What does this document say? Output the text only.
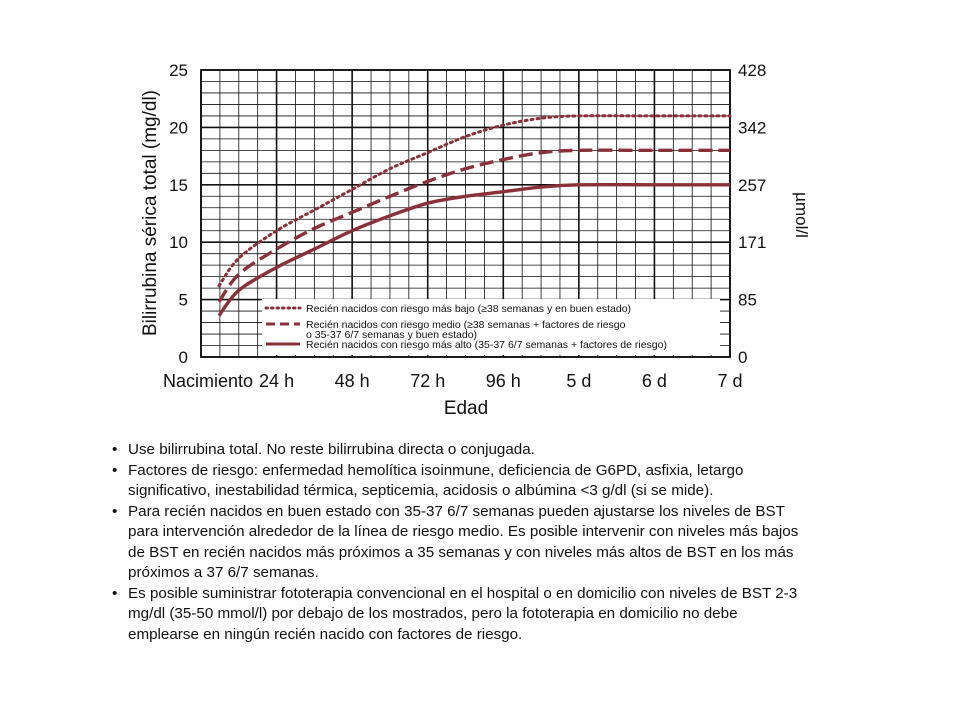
Recién nacidos con riesgo más bajo (≥38 semanas y en buen estado)
Recién nacidos con riesgo medio (≥38 semanas + factores de riesgo o 35-37 6/7 semanas y buen estado)
Recién nacidos con riesgo más alto (35-37 6/7 semanas + factores de riesgo)
0
5
10
15
20
25
0
85
171
257
342
428
Nacimiento 24 h 48 h 72 h 96 h	5 d	6 d	7 d
Edad
Bilirrubina sérica total (mg/dl)	µmol/l
• Use bilirrubina total. No reste bilirrubina directa o conjugada.
• Factores de riesgo: enfermedad hemolítica isoinmune, deficiencia de G6PD, asfixia, letargo significativo, inestabilidad térmica, septicemia, acidosis o albúmina <3 g/dl (si se mide).
• Para recién nacidos en buen estado con 35-37 6/7 semanas pueden ajustarse los niveles de BST para intervención alrededor de la línea de riesgo medio. Es posible intervenir con niveles más bajos de BST en recién nacidos más próximos a 35 semanas y con niveles más altos de BST en los más próximos a 37 6/7 semanas.
• Es posible suministrar fototerapia convencional en el hospital o en domicilio con niveles de BST 2-3 mg/dl (35-50 mmol/l) por debajo de los mostrados, pero la fototerapia en domicilio no debe emplearse en ningún recién nacido con factores de riesgo.
